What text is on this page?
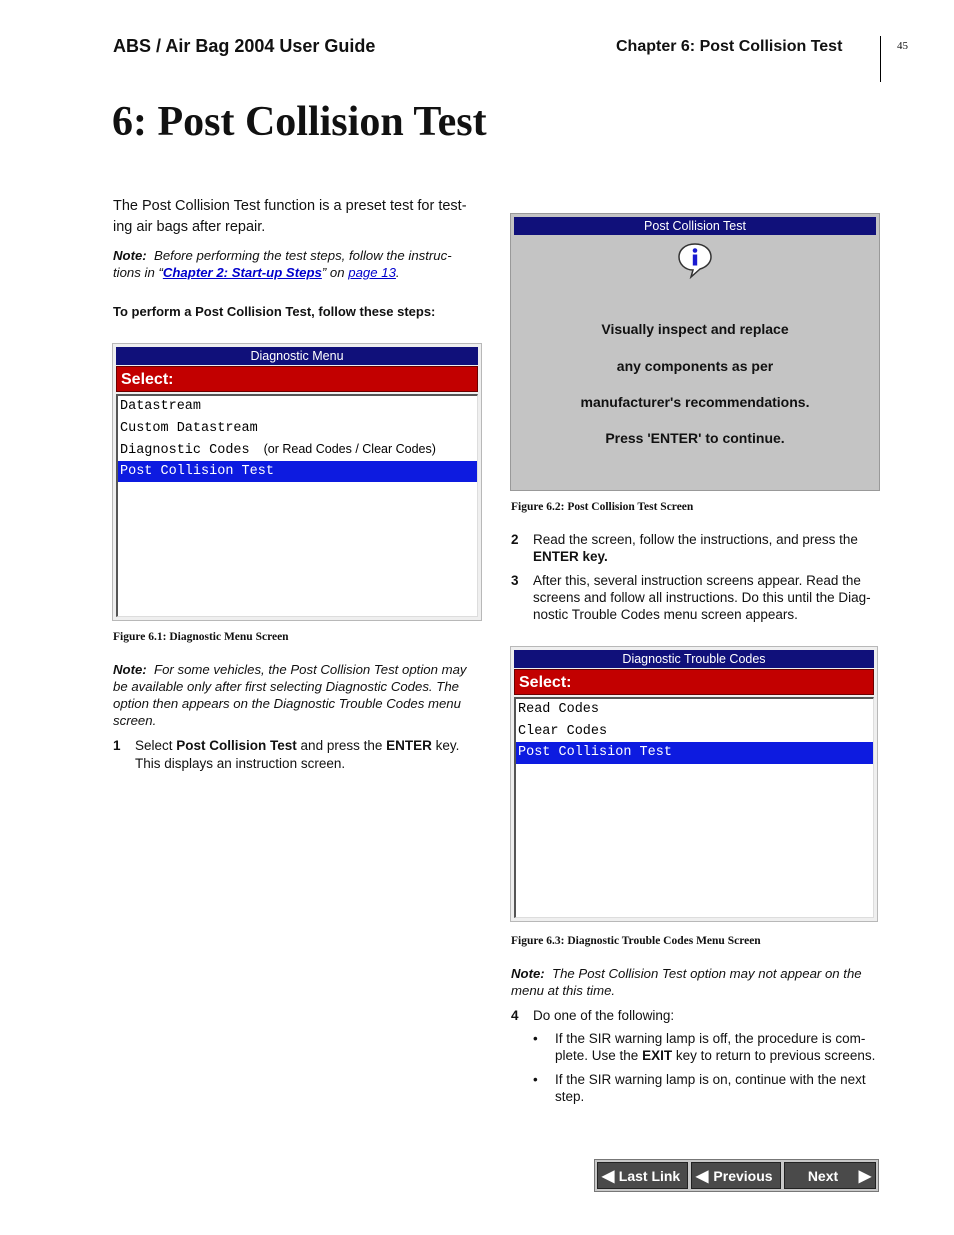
ABS / Air Bag 2004 User Guide	Chapter 6: Post Collision Test	45
6: Post Collision Test
The Post Collision Test function is a preset test for test-
ing air bags after repair.
Note: Before performing the test steps, follow the instruc-
tions in “Chapter 2: Start-up Steps” on page 13.
To perform a Post Collision Test, follow these steps:
Diagnostic Menu
Select:
Datastream
Custom Datastream
Diagnostic Codes (or Read Codes / Clear Codes)
Post Collision Test
Figure 6.1: Diagnostic Menu Screen
Note: For some vehicles, the Post Collision Test option may
be available only after first selecting Diagnostic Codes. The
option then appears on the Diagnostic Trouble Codes menu
screen.
1 Select Post Collision Test and press the ENTER key.
This displays an instruction screen.
Post Collision Test
Visually inspect and replace
any components as per
manufacturer's recommendations.
Press 'ENTER' to continue.
Figure 6.2: Post Collision Test Screen
2 Read the screen, follow the instructions, and press the
ENTER key.
3 After this, several instruction screens appear. Read the
screens and follow all instructions. Do this until the Diag-
nostic Trouble Codes menu screen appears.
Diagnostic Trouble Codes
Select:
Read Codes
Clear Codes
Post Collision Test
Figure 6.3: Diagnostic Trouble Codes Menu Screen
Note: The Post Collision Test option may not appear on the
menu at this time.
4 Do one of the following:
• If the SIR warning lamp is off, the procedure is com-
plete. Use the EXIT key to return to previous screens.
• If the SIR warning lamp is on, continue with the next
step.
◀ Last Link ◀ Previous	Next ▶
